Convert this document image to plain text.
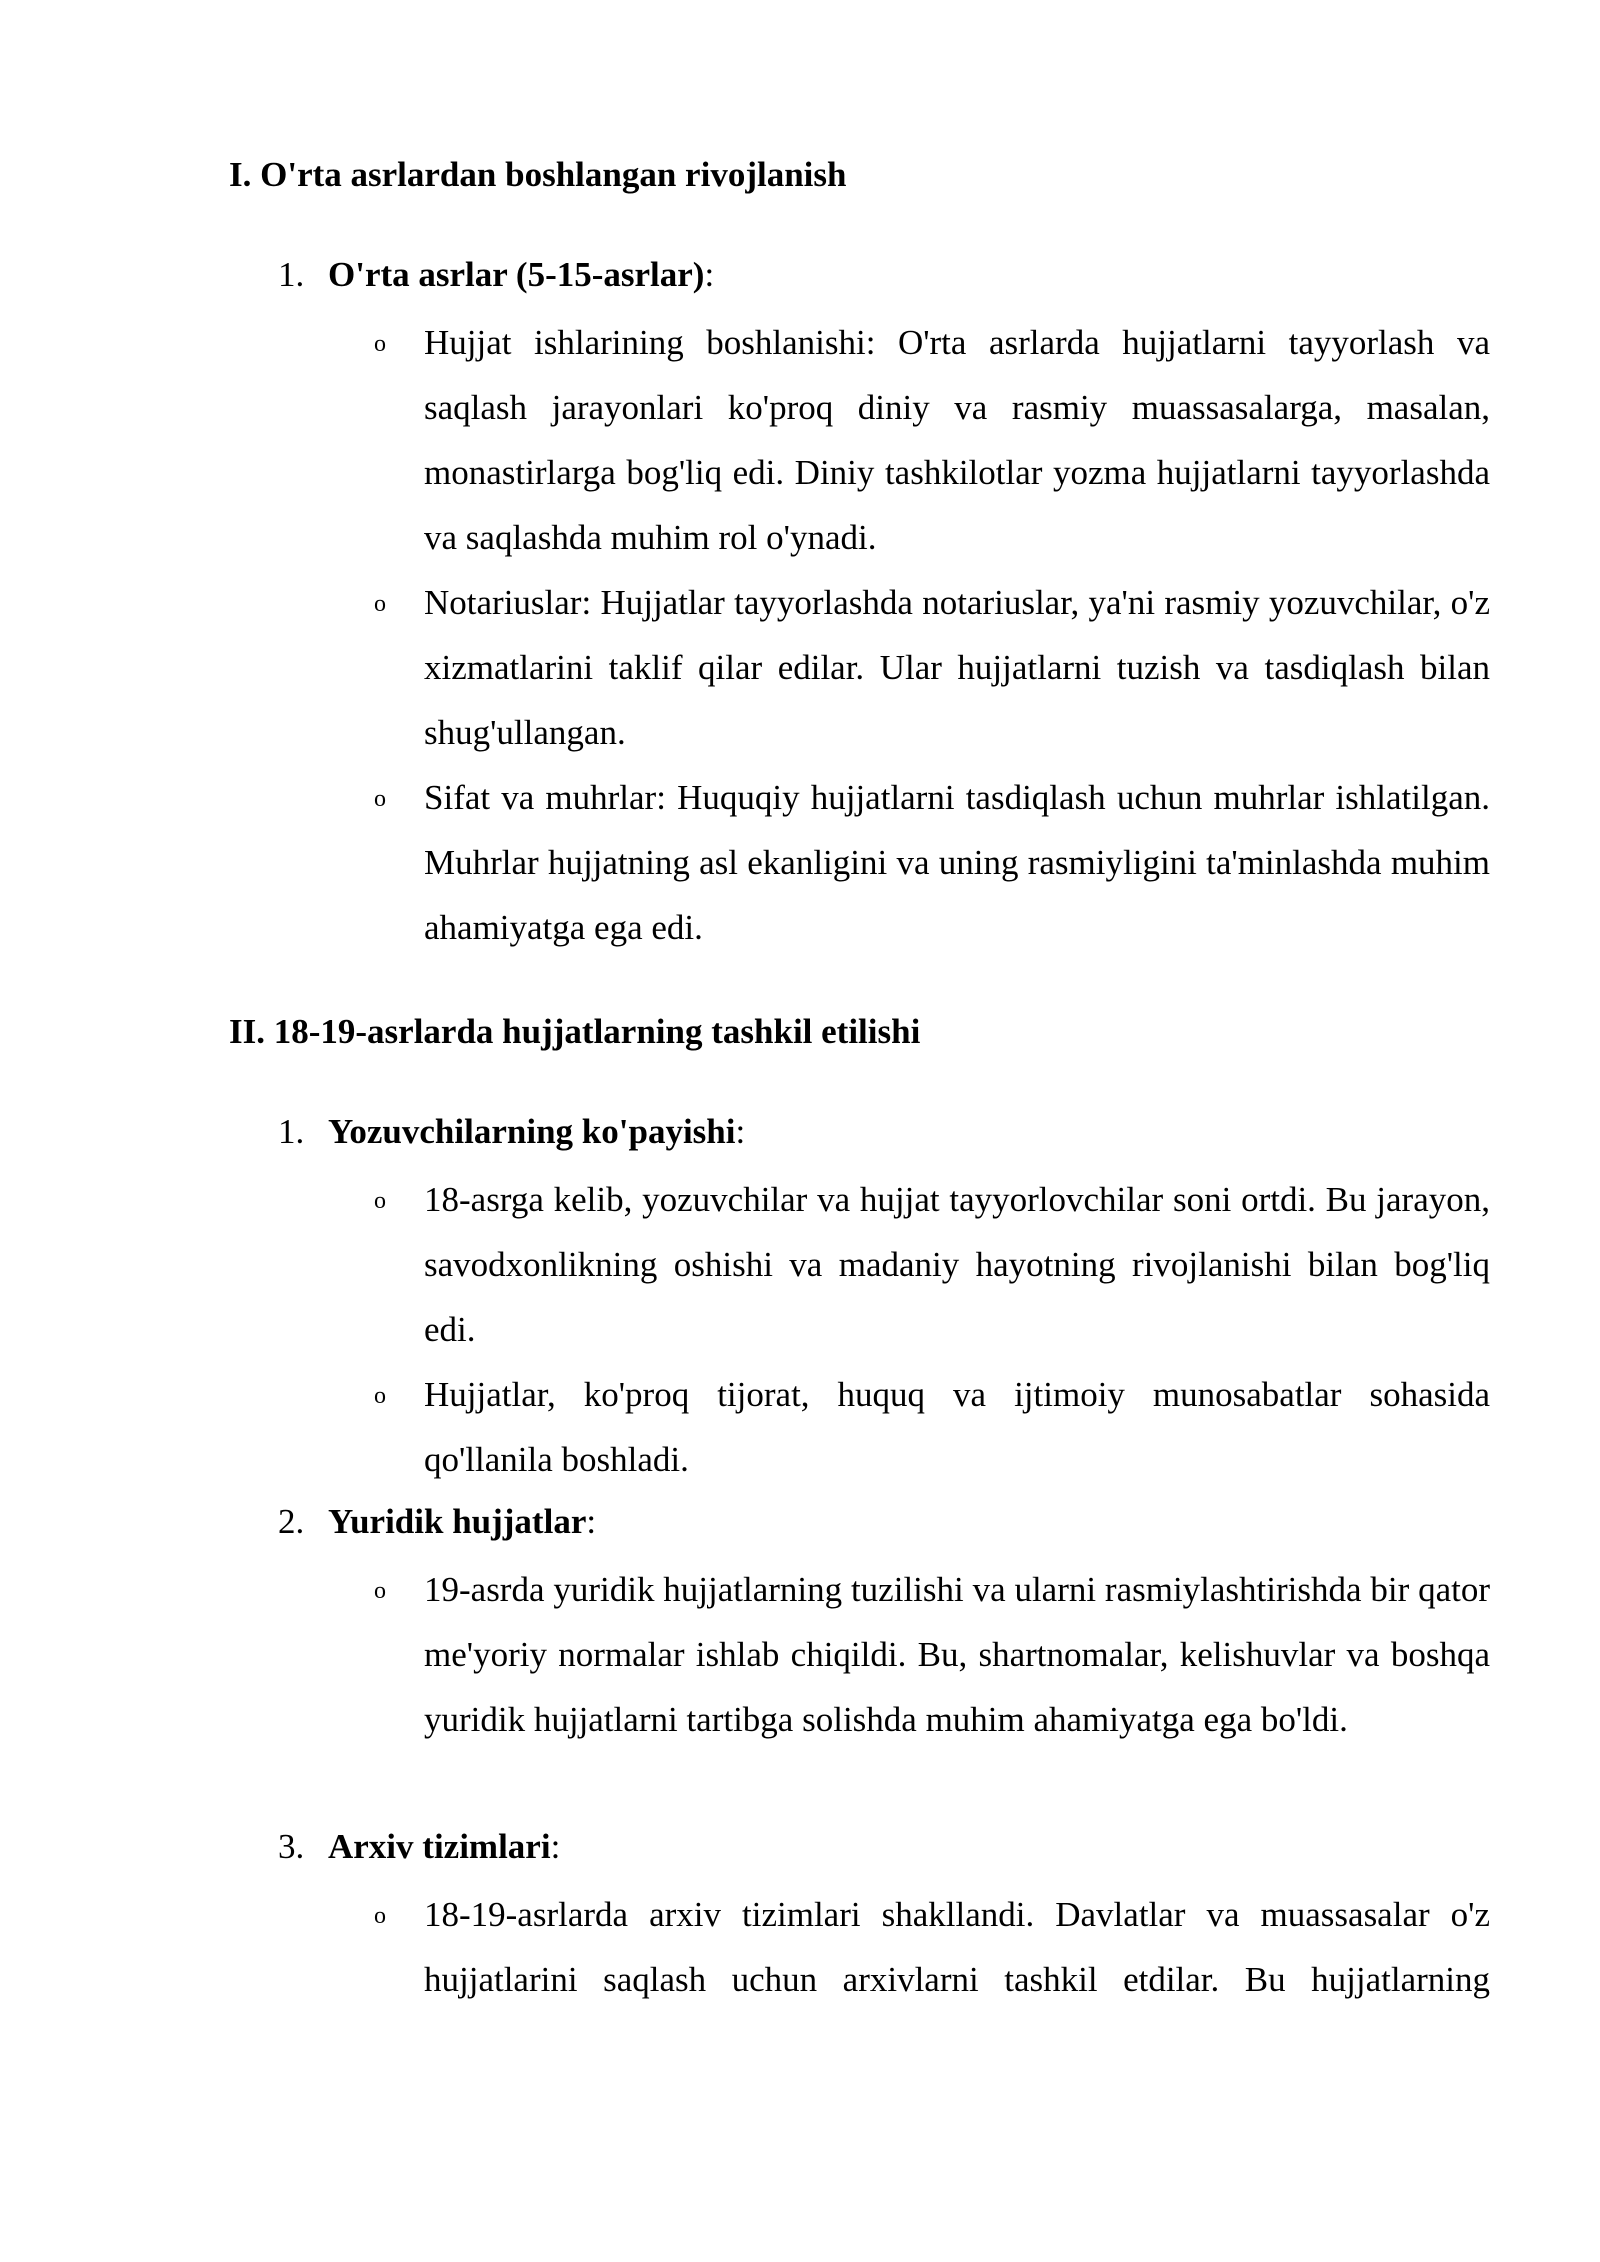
I. O'rta asrlardan boshlangan rivojlanish
1. O'rta asrlar (5-15-asrlar):
o Hujjat ishlarining boshlanishi: O'rta asrlarda hujjatlarni tayyorlash va saqlash jarayonlari ko'proq diniy va rasmiy muassasalarga, masalan, monastirlarga bog'liq edi. Diniy tashkilotlar yozma hujjatlarni tayyorlashda va saqlashda muhim rol o'ynadi.

o Notariuslar: Hujjatlar tayyorlashda notariuslar, ya'ni rasmiy yozuvchilar, o'z xizmatlarini taklif qilar edilar. Ular hujjatlarni tuzish va tasdiqlash bilan shug'ullangan.

o Sifat va muhrlar: Huquqiy hujjatlarni tasdiqlash uchun muhrlar ishlatilgan. Muhrlar hujjatning asl ekanligini va uning rasmiyligini ta'minlashda muhim ahamiyatga ega edi.

II. 18-19-asrlarda hujjatlarning tashkil etilishi
1. Yozuvchilarning ko'payishi:
o 18-asrga kelib, yozuvchilar va hujjat tayyorlovchilar soni ortdi. Bu jarayon, savodxonlikning oshishi va madaniy hayotning rivojlanishi bilan bog'liq edi.

o Hujjatlar, ko'proq tijorat, huquq va ijtimoiy munosabatlar sohasida qo'llanila boshladi.

2. Yuridik hujjatlar:
o 19-asrda yuridik hujjatlarning tuzilishi va ularni rasmiylashtirishda bir qator me'yoriy normalar ishlab chiqildi. Bu, shartnomalar, kelishuvlar va boshqa yuridik hujjatlarni tartibga solishda muhim ahamiyatga ega bo'ldi.

3. Arxiv tizimlari:
o 18-19-asrlarda arxiv tizimlari shakllandi. Davlatlar va muassasalar o'z hujjatlarini saqlash uchun arxivlarni tashkil etdilar. Bu hujjatlarning
